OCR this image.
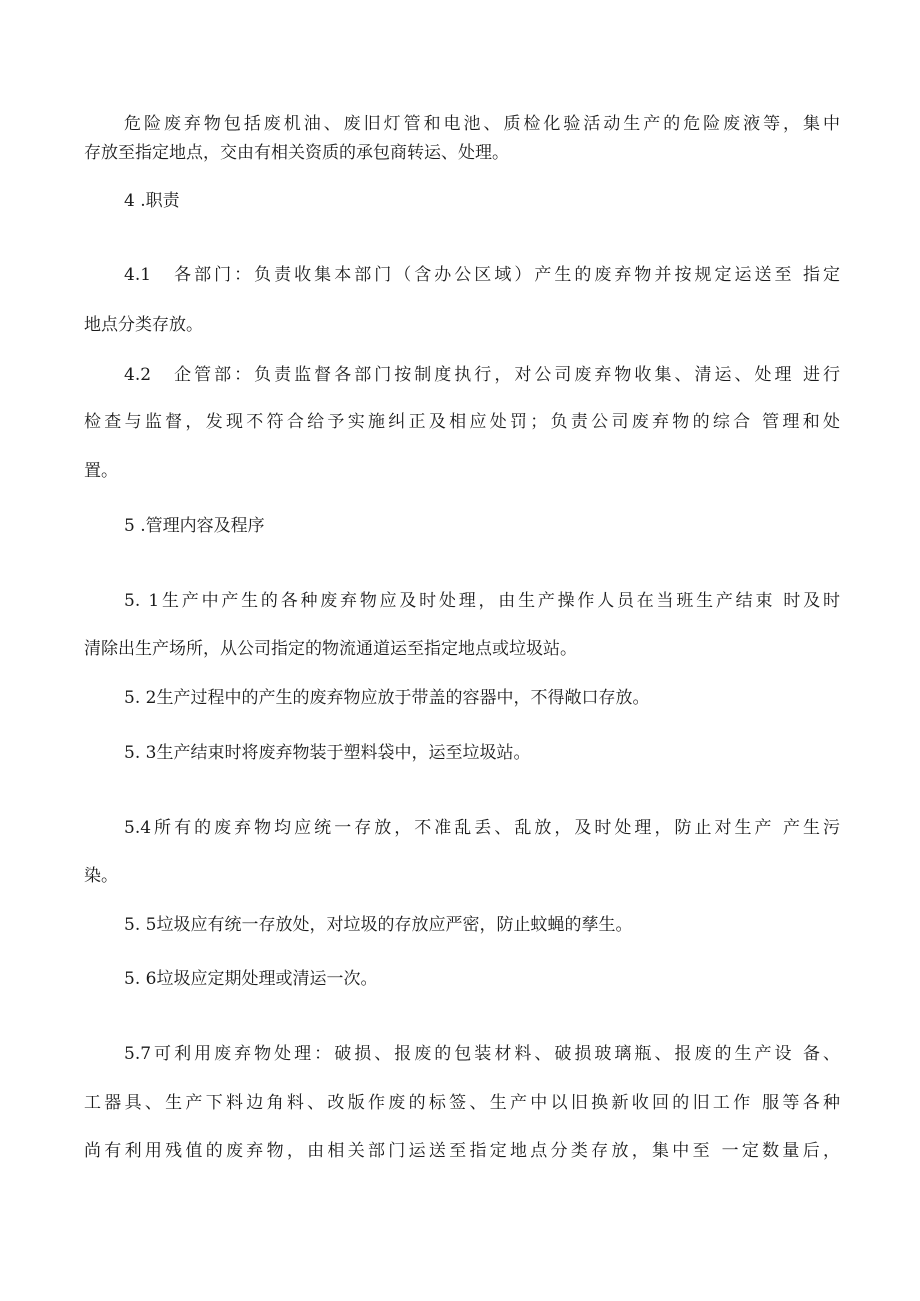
危险废弃物包括废机油、废旧灯管和电池、质检化验活动生产的危险废液等，集中
存放至指定地点，交由有相关资质的承包商转运、处理。
4 .职责
4.1　各部门：负责收集本部门（含办公区域）产生的废弃物并按规定运送至 指定
地点分类存放。
4.2　企管部：负责监督各部门按制度执行，对公司废弃物收集、清运、处理 进行
检查与监督，发现不符合给予实施纠正及相应处罚；负责公司废弃物的综合 管理和处
置。
5 .管理内容及程序
5. 1生产中产生的各种废弃物应及时处理，由生产操作人员在当班生产结束 时及时
清除出生产场所，从公司指定的物流通道运至指定地点或垃圾站。
5. 2生产过程中的产生的废弃物应放于带盖的容器中，不得敞口存放。
5. 3生产结束时将废弃物装于塑料袋中，运至垃圾站。
5.4所有的废弃物均应统一存放，不准乱丢、乱放，及时处理，防止对生产 产生污
染。
5. 5垃圾应有统一存放处，对垃圾的存放应严密，防止蚊蝇的孳生。
5. 6垃圾应定期处理或清运一次。
5.7可利用废弃物处理：破损、报废的包装材料、破损玻璃瓶、报废的生产设 备、
工器具、生产下料边角料、改版作废的标签、生产中以旧换新收回的旧工作 服等各种
尚有利用残值的废弃物，由相关部门运送至指定地点分类存放，集中至 一定数量后，
